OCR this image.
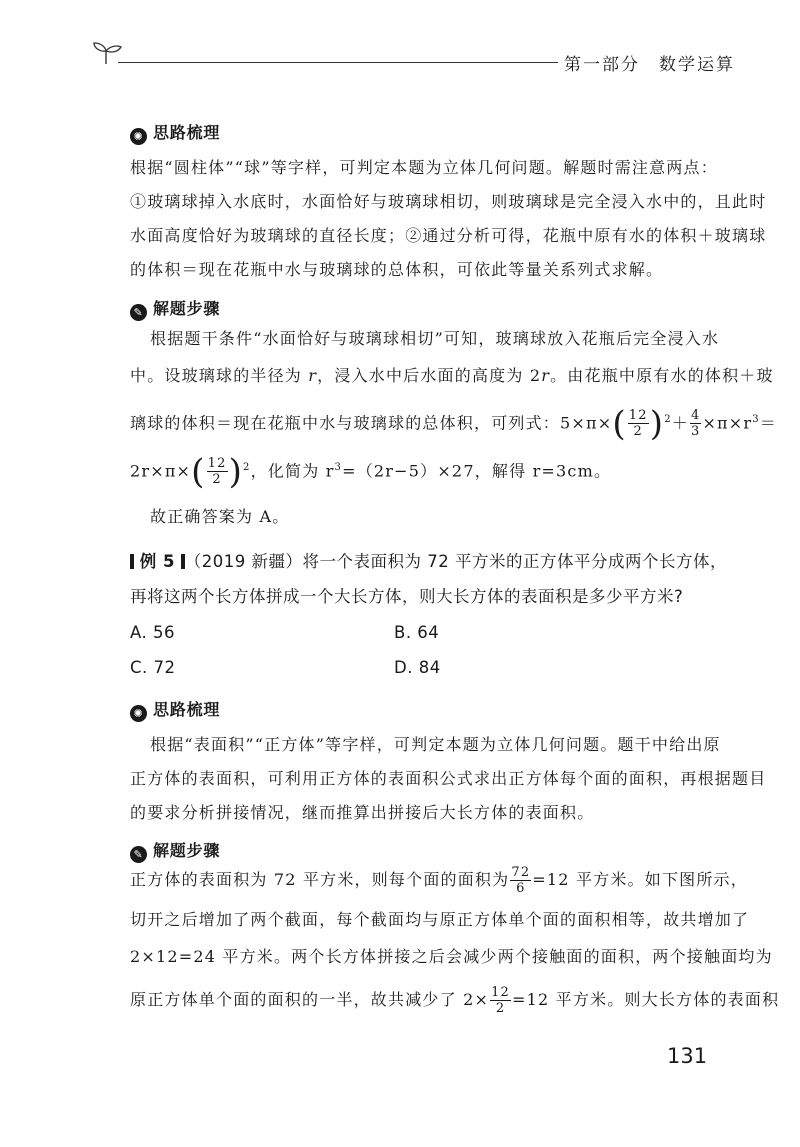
第一部分　数学运算
✺ 思路梳理
根据“圆柱体”“球”等字样，可判定本题为立体几何问题。解题时需注意两点：
①玻璃球掉入水底时，水面恰好与玻璃球相切，则玻璃球是完全浸入水中的，且此时
水面高度恰好为玻璃球的直径长度；②通过分析可得，花瓶中原有水的体积＋玻璃球
的体积＝现在花瓶中水与玻璃球的总体积，可依此等量关系列式求解。
✎ 解题步骤
根据题干条件“水面恰好与玻璃球相切”可知，玻璃球放入花瓶后完全浸入水
中。设玻璃球的半径为 r，浸入水中后水面的高度为 2r。由花瓶中原有水的体积＋玻
璃球的体积＝现在花瓶中水与玻璃球的总体积，可列式：$5\times\pi\times( \frac{12}{2} )^2+ \frac{4}{3} \times\pi\times r^3=$
$2r\times\pi\times( \frac{12}{2} )^2$，化简为 $r^3=(2r-5)\times 27$，解得 r=3cm。
故正确答案为 A。
例 5 （2019 新疆）将一个表面积为 72 平方米的正方体平分成两个长方体，
再将这两个长方体拼成一个大长方体，则大长方体的表面积是多少平方米?
A. 56	B. 64
C. 72	D. 84
✺ 思路梳理
根据“表面积”“正方体”等字样，可判定本题为立体几何问题。题干中给出原
正方体的表面积，可利用正方体的表面积公式求出正方体每个面的面积，再根据题目
的要求分析拼接情况，继而推算出拼接后大长方体的表面积。
✎ 解题步骤
正方体的表面积为 72 平方米，则每个面的面积为 $\frac{72}{6} =12$ 平方米。如下图所示，
切开之后增加了两个截面，每个截面均与原正方体单个面的面积相等，故共增加了
2×12=24 平方米。两个长方体拼接之后会减少两个接触面的面积，两个接触面均为
原正方体单个面的面积的一半，故共减少了 $2\times \frac{12}{2} =12$ 平方米。则大长方体的表面积
131
